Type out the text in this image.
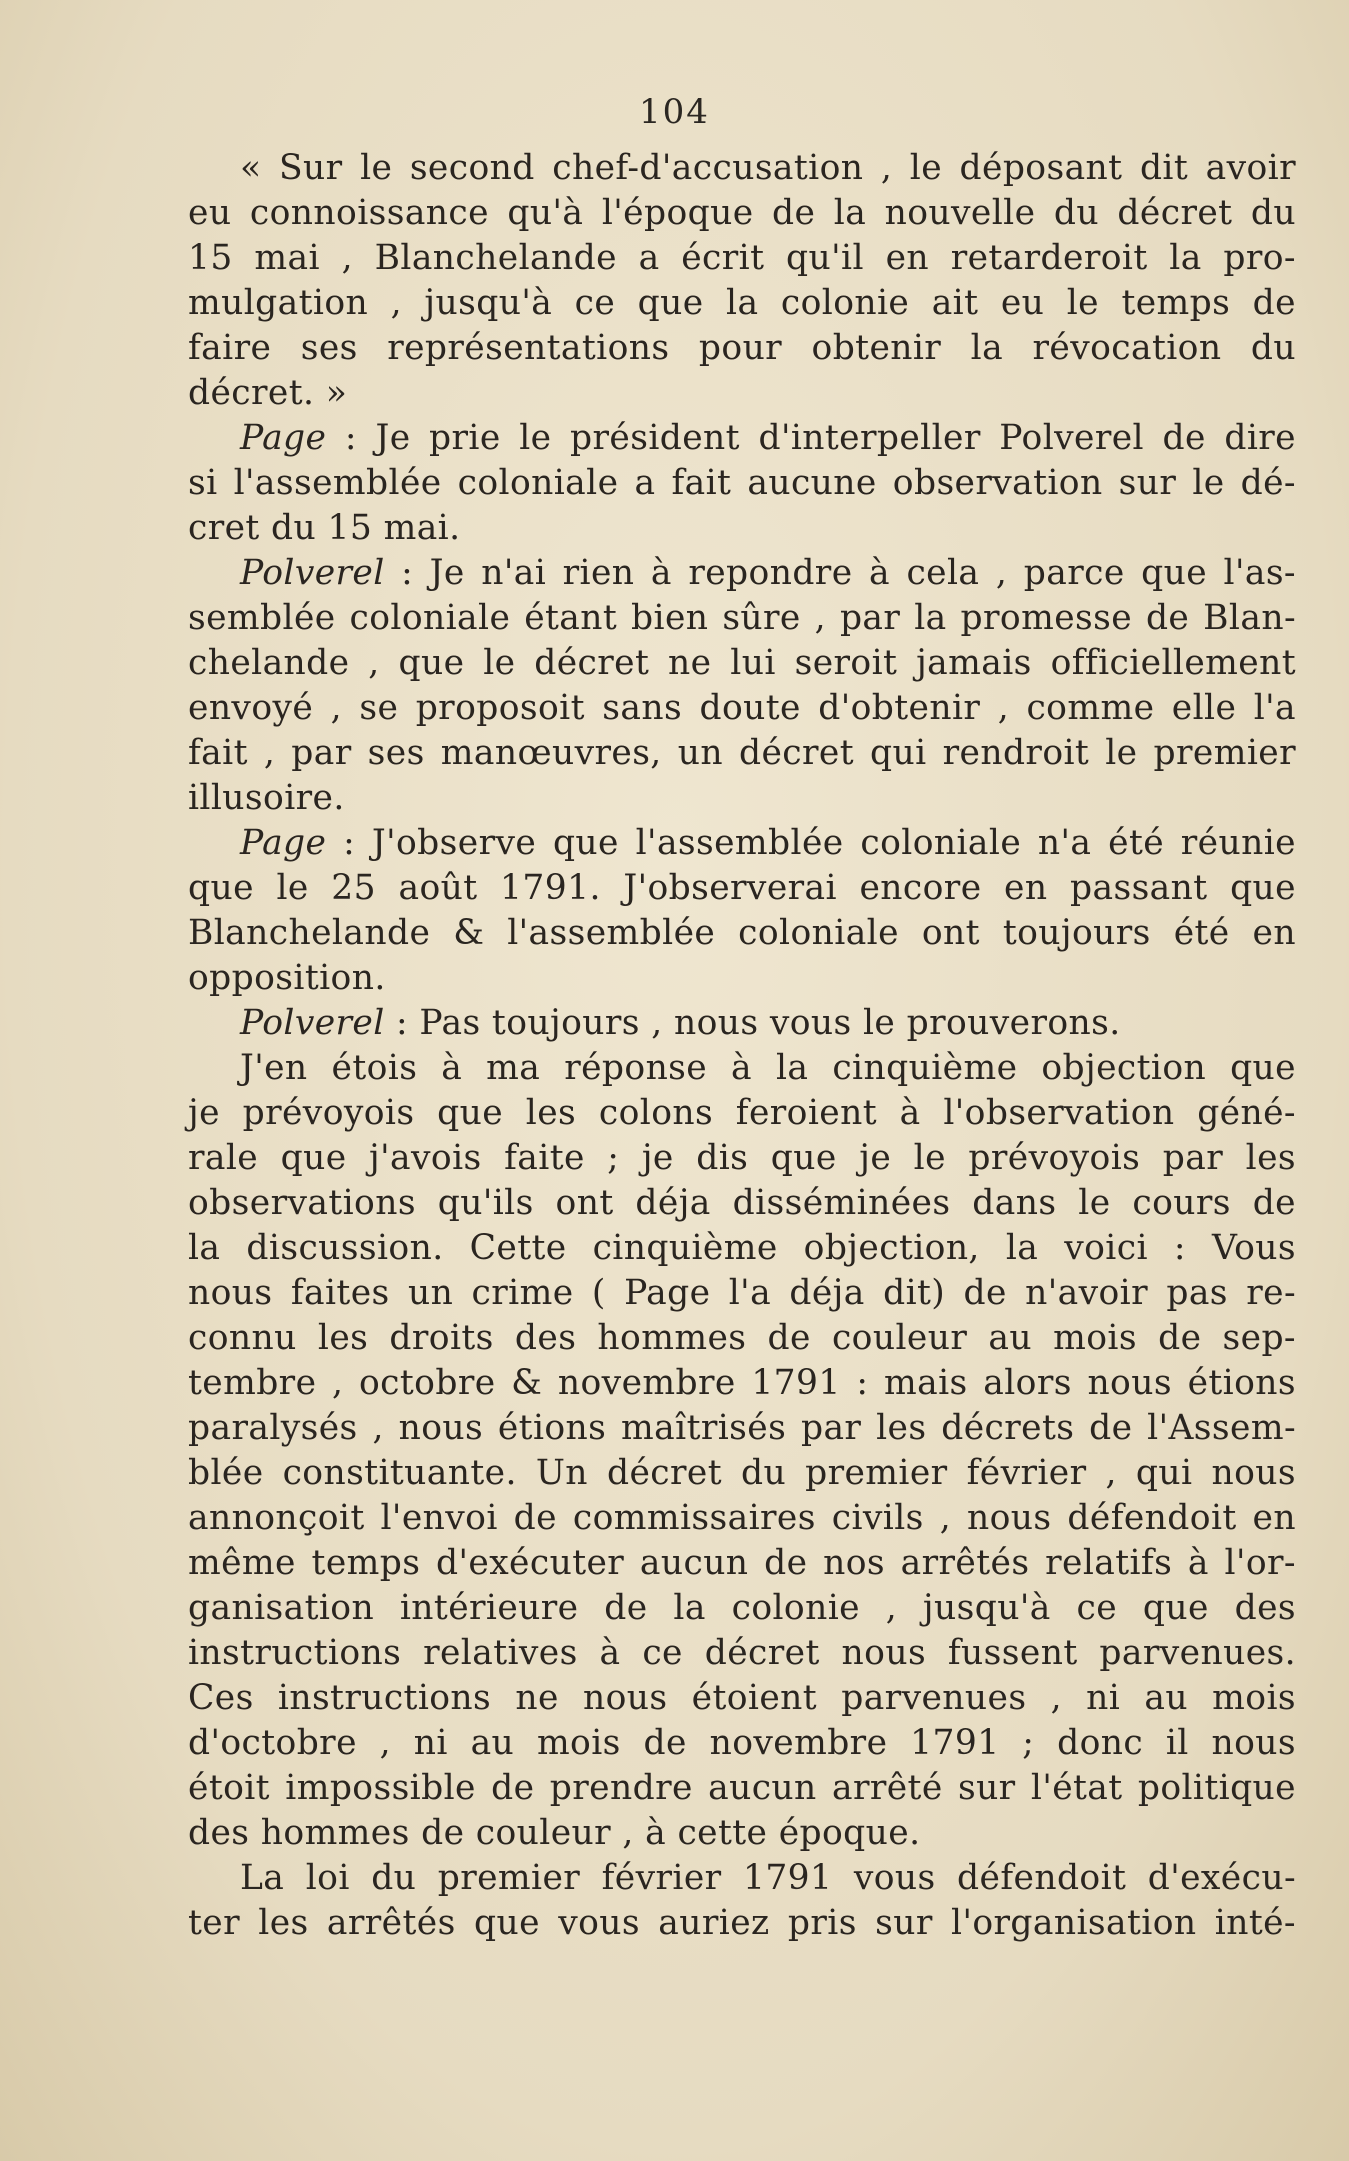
104
« Sur le second chef-d'accusation , le déposant dit avoir
eu connoissance qu'à l'époque de la nouvelle du décret du
15 mai , Blanchelande a écrit qu'il en retarderoit la pro-
mulgation , jusqu'à ce que la colonie ait eu le temps de
faire ses représentations pour obtenir la révocation du
décret. »
Page : Je prie le président d'interpeller Polverel de dire
si l'assemblée coloniale a fait aucune observation sur le dé-
cret du 15 mai.
Polverel : Je n'ai rien à repondre à cela , parce que l'as-
semblée coloniale étant bien sûre , par la promesse de Blan-
chelande , que le décret ne lui seroit jamais officiellement
envoyé , se proposoit sans doute d'obtenir , comme elle l'a
fait , par ses manœuvres, un décret qui rendroit le premier
illusoire.
Page : J'observe que l'assemblée coloniale n'a été réunie
que le 25 août 1791. J'observerai encore en passant que
Blanchelande & l'assemblée coloniale ont toujours été en
opposition.
Polverel : Pas toujours , nous vous le prouverons.
J'en étois à ma réponse à la cinquième objection que
je prévoyois que les colons feroient à l'observation géné-
rale que j'avois faite ; je dis que je le prévoyois par les
observations qu'ils ont déja disséminées dans le cours de
la discussion. Cette cinquième objection, la voici : Vous
nous faites un crime ( Page l'a déja dit) de n'avoir pas re-
connu les droits des hommes de couleur au mois de sep-
tembre , octobre & novembre 1791 : mais alors nous étions
paralysés , nous étions maîtrisés par les décrets de l'Assem-
blée constituante. Un décret du premier février , qui nous
annonçoit l'envoi de commissaires civils , nous défendoit en
même temps d'exécuter aucun de nos arrêtés relatifs à l'or-
ganisation intérieure de la colonie , jusqu'à ce que des
instructions relatives à ce décret nous fussent parvenues.
Ces instructions ne nous étoient parvenues , ni au mois
d'octobre , ni au mois de novembre 1791 ; donc il nous
étoit impossible de prendre aucun arrêté sur l'état politique
des hommes de couleur , à cette époque.
La loi du premier février 1791 vous défendoit d'exécu-
ter les arrêtés que vous auriez pris sur l'organisation inté-
